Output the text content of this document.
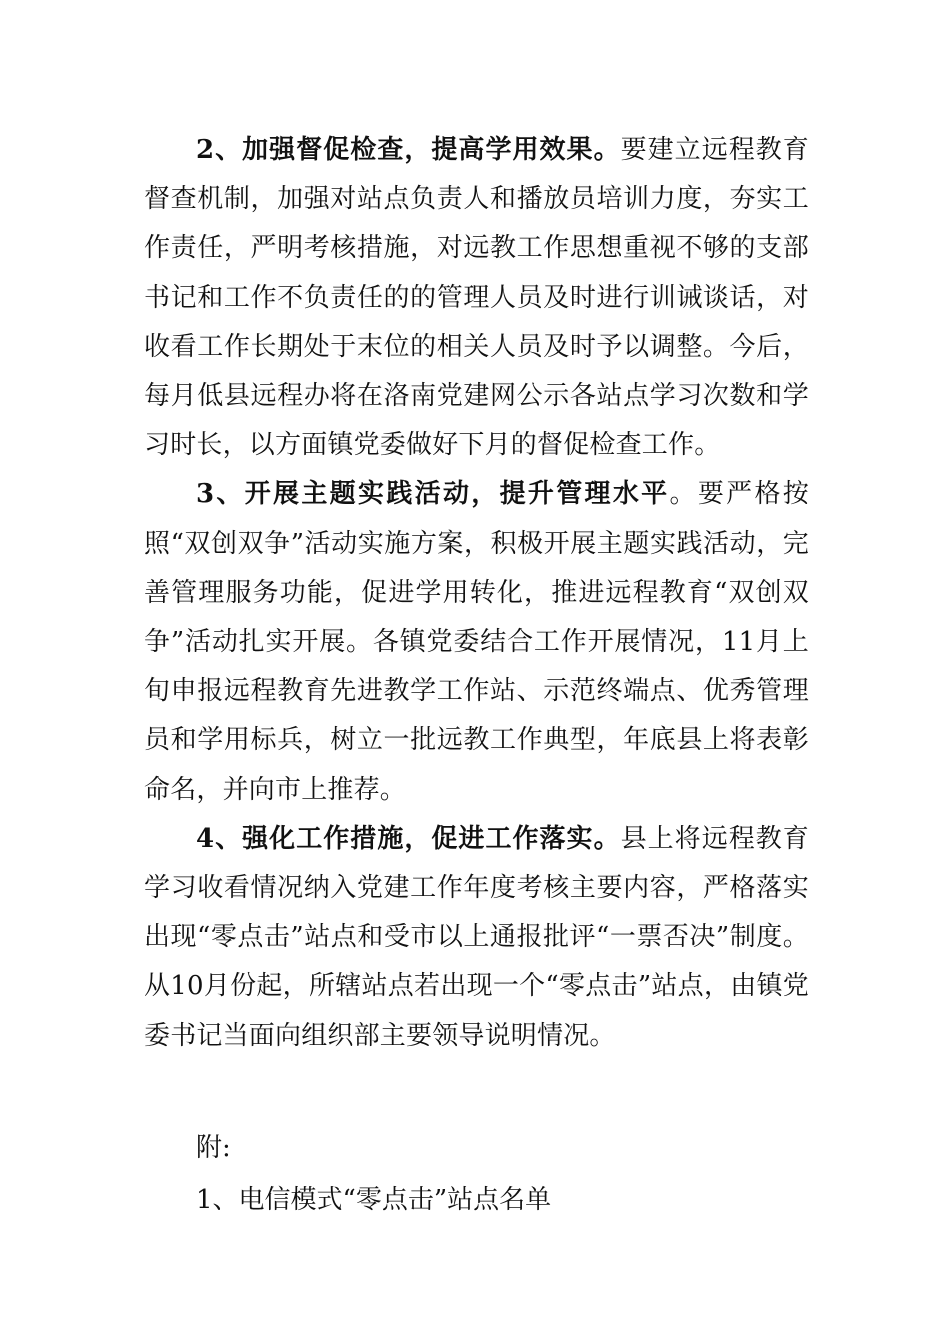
2、加强督促检查，提高学用效果。要建立远程教育督查机制，加强对站点负责人和播放员培训力度，夯实工作责任，严明考核措施，对远教工作思想重视不够的支部书记和工作不负责任的的管理人员及时进行训诫谈话，对收看工作长期处于末位的相关人员及时予以调整。今后，每月低县远程办将在洛南党建网公示各站点学习次数和学习时长，以方面镇党委做好下月的督促检查工作。

3、开展主题实践活动，提升管理水平。要严格按照“双创双争”活动实施方案，积极开展主题实践活动，完善管理服务功能，促进学用转化，推进远程教育“双创双争”活动扎实开展。各镇党委结合工作开展情况，11月上旬申报远程教育先进教学工作站、示范终端点、优秀管理员和学用标兵，树立一批远教工作典型，年底县上将表彰命名，并向市上推荐。

4、强化工作措施，促进工作落实。县上将远程教育学习收看情况纳入党建工作年度考核主要内容，严格落实出现“零点击”站点和受市以上通报批评“一票否决”制度。从10月份起，所辖站点若出现一个“零点击”站点，由镇党委书记当面向组织部主要领导说明情况。

附:

1、电信模式“零点击”站点名单
